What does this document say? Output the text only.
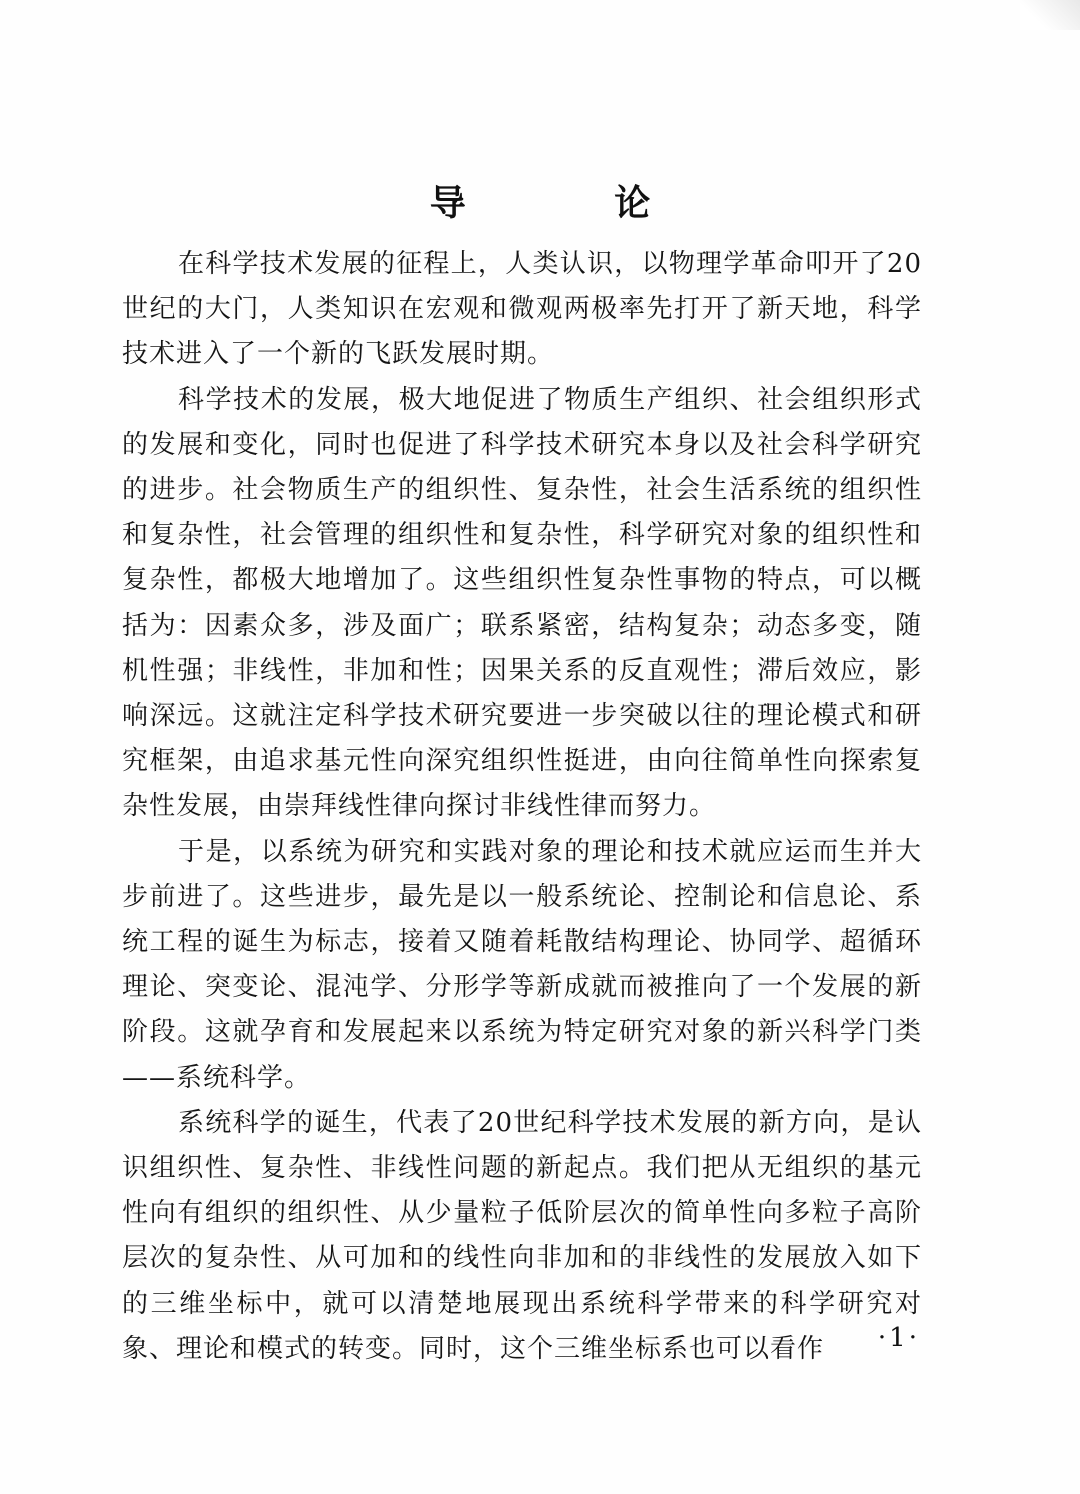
导 论

在科学技术发展的征程上，人类认识，以物理学革命叩开了20世纪的大门，人类知识在宏观和微观两极率先打开了新天地，科学技术进入了一个新的飞跃发展时期。

科学技术的发展，极大地促进了物质生产组织、社会组织形式的发展和变化，同时也促进了科学技术研究本身以及社会科学研究的进步。社会物质生产的组织性、复杂性，社会生活系统的组织性和复杂性，社会管理的组织性和复杂性，科学研究对象的组织性和复杂性，都极大地增加了。这些组织性复杂性事物的特点，可以概括为：因素众多，涉及面广；联系紧密，结构复杂；动态多变，随机性强；非线性，非加和性；因果关系的反直观性；滞后效应，影响深远。这就注定科学技术研究要进一步突破以往的理论模式和研究框架，由追求基元性向深究组织性挺进，由向往简单性向探索复杂性发展，由崇拜线性律向探讨非线性律而努力。

于是，以系统为研究和实践对象的理论和技术就应运而生并大步前进了。这些进步，最先是以一般系统论、控制论和信息论、系统工程的诞生为标志，接着又随着耗散结构理论、协同学、超循环理论、突变论、混沌学、分形学等新成就而被推向了一个发展的新阶段。这就孕育和发展起来以系统为特定研究对象的新兴科学门类——系统科学。

系统科学的诞生，代表了20世纪科学技术发展的新方向，是认识组织性、复杂性、非线性问题的新起点。我们把从无组织的基元性向有组织的组织性、从少量粒子低阶层次的简单性向多粒子高阶层次的复杂性、从可加和的线性向非加和的非线性的发展放入如下的三维坐标中，就可以清楚地展现出系统科学带来的科学研究对象、理论和模式的转变。同时，这个三维坐标系也可以看作	·1·
